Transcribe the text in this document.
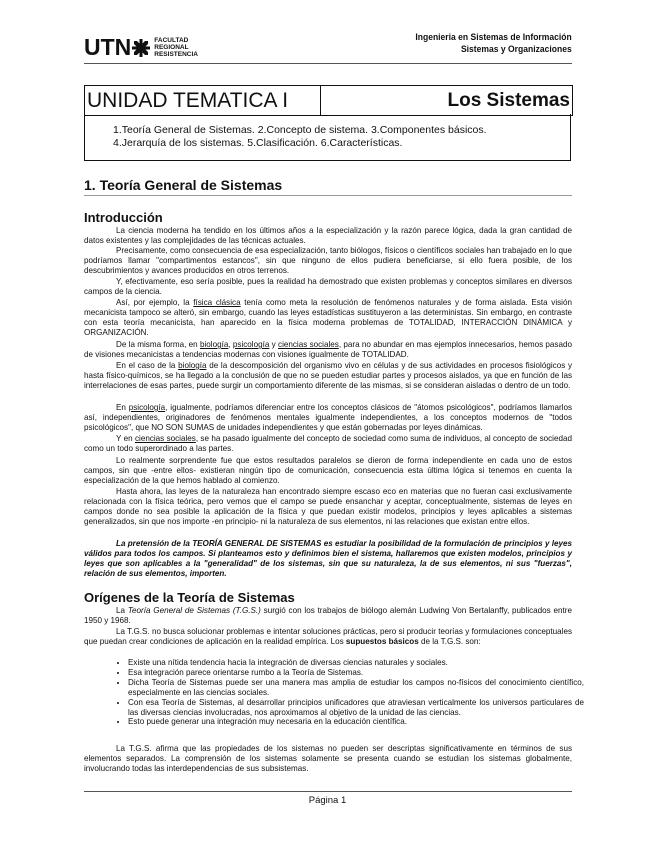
UTN	FACULTAD
REGIONAL
RESISTENCIA
Ingenieria en Sistemas de Información
Sistemas y Organizaciones
UNIDAD TEMATICA I	Los Sistemas
1.Teoría General de Sistemas. 2.Concepto de sistema. 3.Componentes básicos.
4.Jerarquía de los sistemas. 5.Clasificación. 6.Características.
1. Teoría General de Sistemas
Introducción
La ciencia moderna ha tendido en los últimos años a la especialización y la razón parece lógica, dada la gran cantidad de datos existentes y las complejidades de las técnicas actuales.
Precisamente, como consecuencia de esa especialización, tanto biólogos, físicos o científicos sociales han trabajado en lo que podríamos llamar "compartimentos estancos", sin que ninguno de ellos pudiera beneficiarse, si ello fuera posible, de los descubrimientos y avances producidos en otros terrenos.
Y, efectivamente, eso sería posible, pues la realidad ha demostrado que existen problemas y conceptos similares en diversos campos de la ciencia.
Así, por ejemplo, la física clásica tenía como meta la resolución de fenómenos naturales y de forma aislada. Esta visión mecanicista tampoco se alteró, sin embargo, cuando las leyes estadísticas sustituyeron a las deterministas. Sin embargo, en contraste con esta teoría mecanicista, han aparecido en la física moderna problemas de TOTALIDAD, INTERACCIÓN DINÁMICA y ORGANIZACIÓN.
De la misma forma, en biología, psicología y ciencias sociales, para no abundar en mas ejemplos innecesarios, hemos pasado de visiones mecanicistas a tendencias modernas con visiones igualmente de TOTALIDAD.
En el caso de la biología de la descomposición del organismo vivo en células y de sus actividades en procesos fisiológicos y hasta físico-químicos, se ha llegado a la conclusión de que no se pueden estudiar partes y procesos aislados, ya que en función de las interrelaciones de esas partes, puede surgir un comportamiento diferente de las mismas, si se consideran aisladas o dentro de un todo.
En psicología, igualmente, podríamos diferenciar entre los conceptos clásicos de "átomos psicológicos", podríamos llamarlos así, independientes, originadores de fenómenos mentales igualmente independientes, a los conceptos modernos de "todos psicológicos", que NO SON SUMAS de unidades independientes y que están gobernadas por leyes dinámicas.
Y en ciencias sociales, se ha pasado igualmente del concepto de sociedad como suma de individuos, al concepto de sociedad como un todo superordinado a las partes.
Lo realmente sorprendente fue que estos resultados paralelos se dieron de forma independiente en cada uno de estos campos, sin que -entre ellos- existieran ningún tipo de comunicación, consecuencia esta última lógica si tenemos en cuenta la especialización de la que hemos hablado al comienzo.
Hasta ahora, las leyes de la naturaleza han encontrado siempre escaso eco en materias que no fueran casi exclusivamente relacionada con la física teórica, pero vemos que el campo se puede ensanchar y aceptar, conceptualmente, sistemas de leyes en campos donde no sea posible la aplicación de la física y que puedan existir modelos, principios y leyes aplicables a sistemas generalizados, sin que nos importe -en principio- ni la naturaleza de sus elementos, ni las relaciones que existan entre ellos.
La pretensión de la TEORÍA GENERAL DE SISTEMAS es estudiar la posibilidad de la formulación de principios y leyes válidos para todos los campos. Si planteamos esto y definimos bien el sistema, hallaremos que existen modelos, principios y leyes que son aplicables a la "generalidad" de los sistemas, sin que su naturaleza, la de sus elementos, ni sus "fuerzas", relación de sus elementos, importen.
Orígenes de la Teoría de Sistemas
La Teoría General de Sistemas (T.G.S.) surgió con los trabajos de biólogo alemán Ludwing Von Bertalanffy, publicados entre 1950 y 1968.
La T.G.S. no busca solucionar problemas e intentar soluciones prácticas, pero si producir teorías y formulaciones conceptuales que puedan crear condiciones de aplicación en la realidad empírica. Los supuestos básicos de la T.G.S. son:
• Existe una nítida tendencia hacia la integración de diversas ciencias naturales y sociales.
• Esa integración parece orientarse rumbo a la Teoría de Sistemas.
• Dicha Teoría de Sistemas puede ser una manera mas amplia de estudiar los campos no-físicos del conocimiento científico, especialmente en las ciencias sociales.
• Con esa Teoría de Sistemas, al desarrollar principios unificadores que atraviesan verticalmente los universos particulares de las diversas ciencias involucradas, nos aproximamos al objetivo de la unidad de las ciencias.
• Esto puede generar una integración muy necesaria en la educación científica.
La T.G.S. afirma que las propiedades de los sistemas no pueden ser descriptas significativamente en términos de sus elementos separados. La comprensión de los sistemas solamente se presenta cuando se estudian los sistemas globalmente, involucrando todas las interdependencias de sus subsistemas.
Página 1
